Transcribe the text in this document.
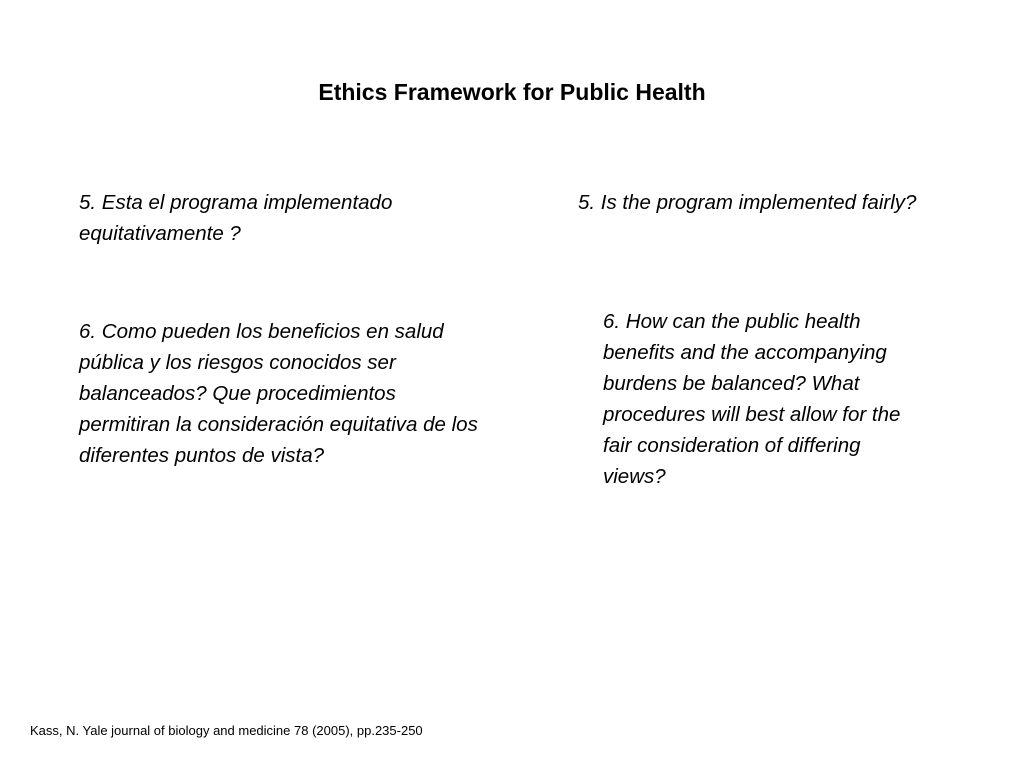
Ethics Framework for Public Health
5. Esta el programa implementado
equitativamente ?
5. Is the program implemented fairly?
6. Como pueden los beneficios en salud
pública y los riesgos conocidos ser
balanceados? Que procedimientos
permitiran la consideración equitativa de los
diferentes puntos de vista?
6. How can the public health
benefits and the accompanying
burdens be balanced? What
procedures will best allow for the
fair consideration of differing
views?
Kass, N. Yale journal of biology and medicine 78 (2005), pp.235-250
